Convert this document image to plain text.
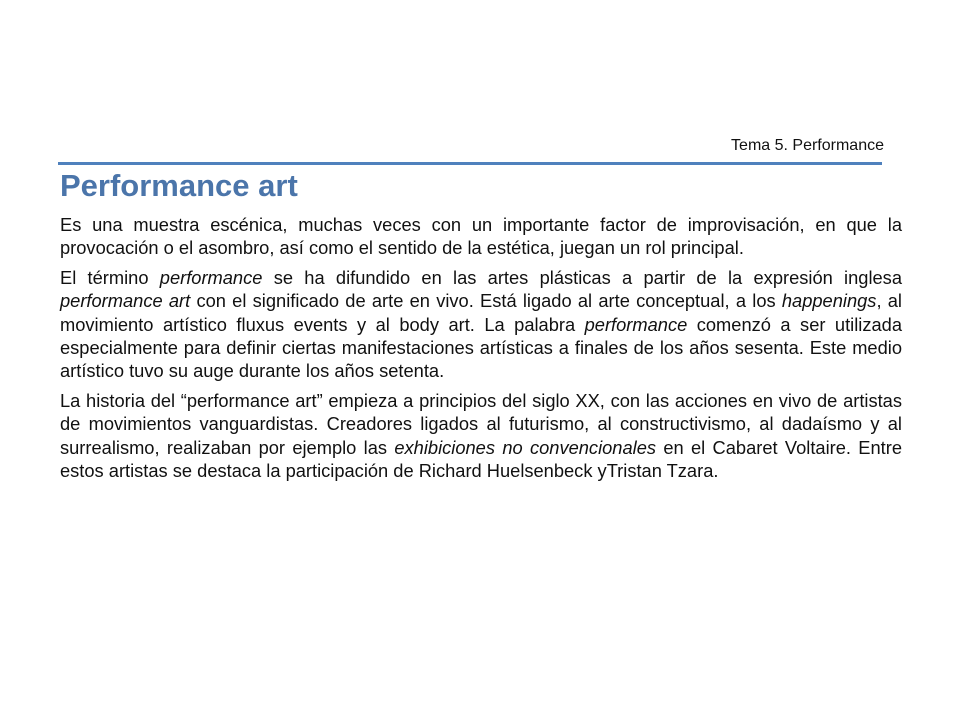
Tema 5. Performance
Performance art

Es una muestra escénica, muchas veces con un importante factor de improvisación, en que la provocación o el asombro, así como el sentido de la estética, juegan un rol principal.

El término performance se ha difundido en las artes plásticas a partir de la expresión inglesa performance art con el significado de arte en vivo. Está ligado al arte conceptual, a los happenings, al movimiento artístico fluxus events y al body art. La palabra performance comenzó a ser utilizada especialmente para definir ciertas manifestaciones artísticas a finales de los años sesenta. Este medio artístico tuvo su auge durante los años setenta.

La historia del “performance art” empieza a principios del siglo XX, con las acciones en vivo de artistas de movimientos vanguardistas. Creadores ligados al futurismo, al constructivismo, al dadaísmo y al surrealismo, realizaban por ejemplo las exhibiciones no convencionales en el Cabaret Voltaire. Entre estos artistas se destaca la participación de Richard Huelsenbeck yTristan Tzara.
